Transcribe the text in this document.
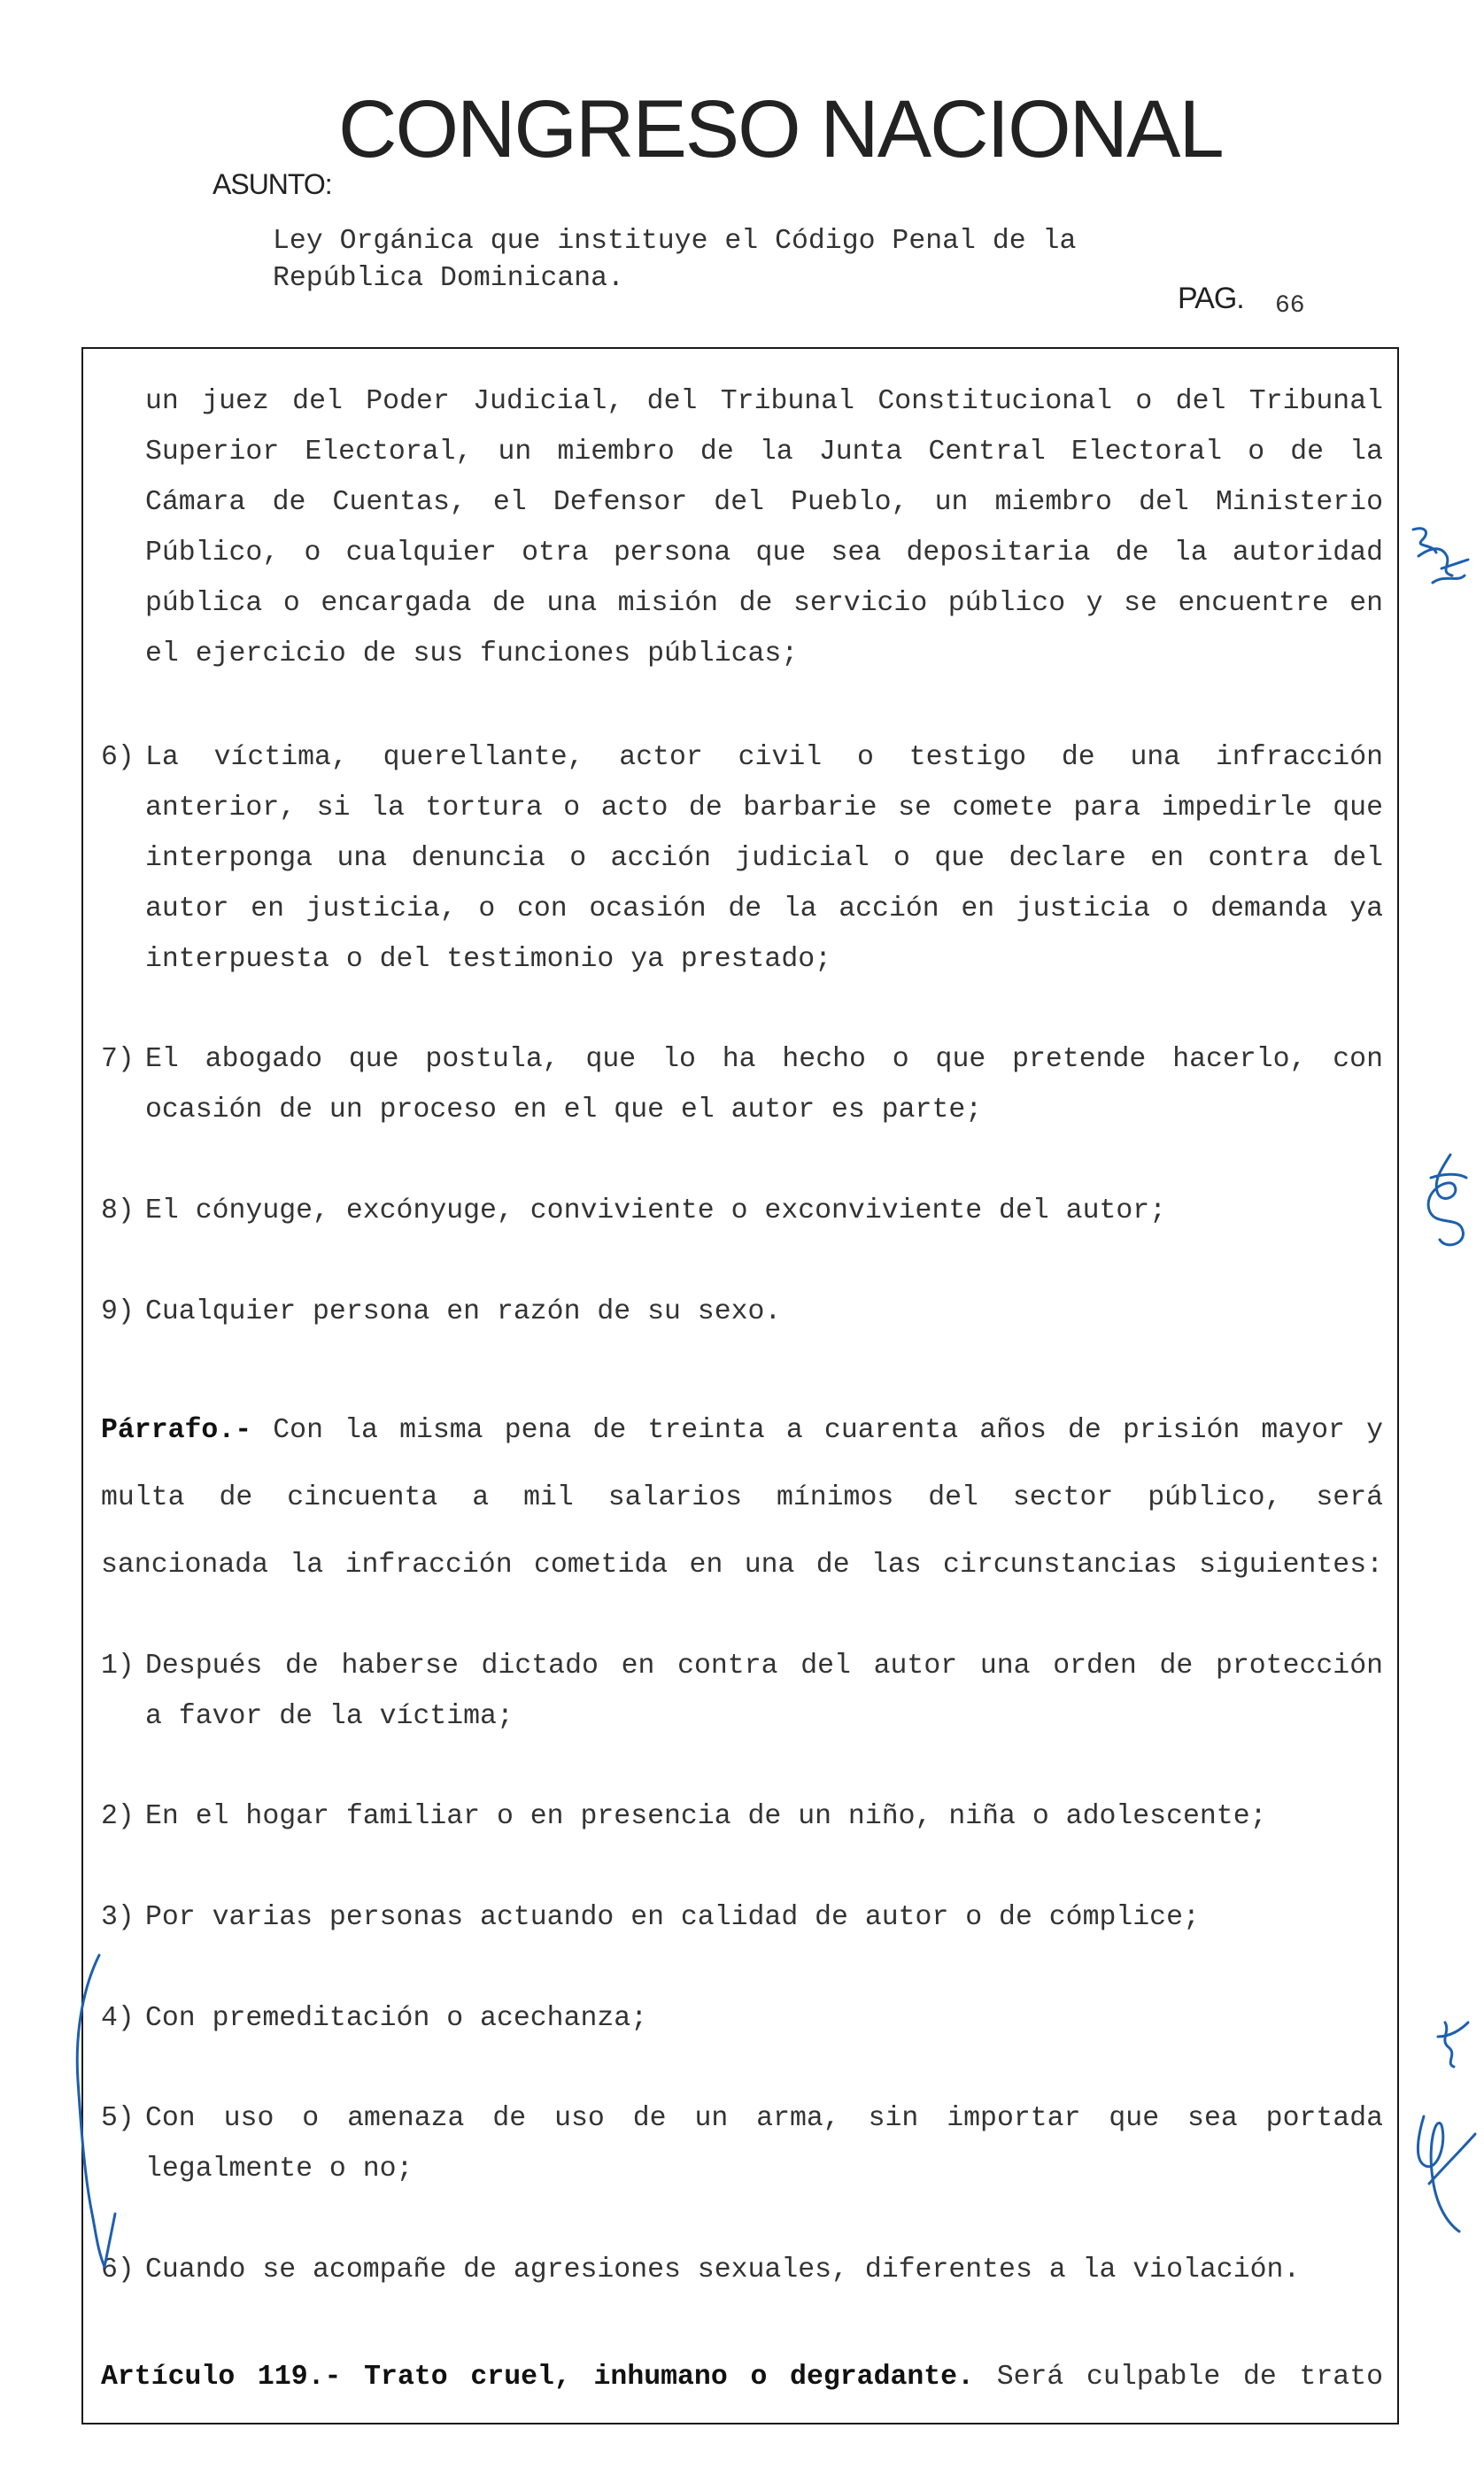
CONGRESO NACIONAL
ASUNTO:
Ley Orgánica que instituye el Código Penal de la
República Dominicana.
PAG. 66
un juez del Poder Judicial, del Tribunal Constitucional o del Tribunal
Superior Electoral, un miembro de la Junta Central Electoral o de la
Cámara de Cuentas, el Defensor del Pueblo, un miembro del Ministerio
Público, o cualquier otra persona que sea depositaria de la autoridad
pública o encargada de una misión de servicio público y se encuentre en
el ejercicio de sus funciones públicas;
6) La víctima, querellante, actor civil o testigo de una infracción
anterior, si la tortura o acto de barbarie se comete para impedirle que
interponga una denuncia o acción judicial o que declare en contra del
autor en justicia, o con ocasión de la acción en justicia o demanda ya
interpuesta o del testimonio ya prestado;
7) El abogado que postula, que lo ha hecho o que pretende hacerlo, con
ocasión de un proceso en el que el autor es parte;
8) El cónyuge, excónyuge, conviviente o exconviviente del autor;
9) Cualquier persona en razón de su sexo.
Párrafo.- Con la misma pena de treinta a cuarenta años de prisión mayor y
multa de cincuenta a mil salarios mínimos del sector público, será
sancionada la infracción cometida en una de las circunstancias siguientes:
1) Después de haberse dictado en contra del autor una orden de protección
a favor de la víctima;
2) En el hogar familiar o en presencia de un niño, niña o adolescente;
3) Por varias personas actuando en calidad de autor o de cómplice;
4) Con premeditación o acechanza;
5) Con uso o amenaza de uso de un arma, sin importar que sea portada
legalmente o no;
6) Cuando se acompañe de agresiones sexuales, diferentes a la violación.
Artículo 119.- Trato cruel, inhumano o degradante. Será culpable de trato
